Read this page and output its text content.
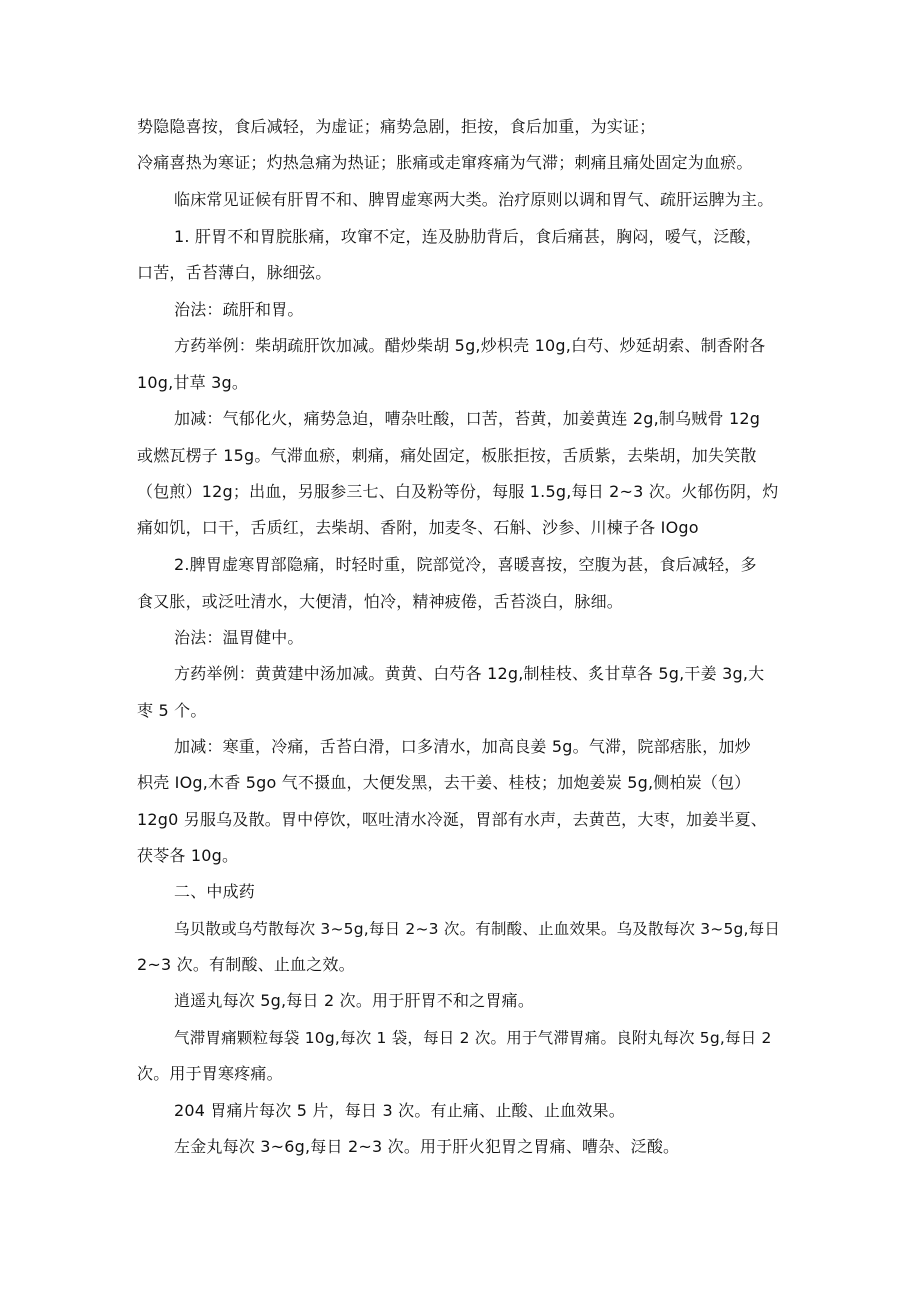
势隐隐喜按，食后减轻，为虚证；痛势急剧，拒按，食后加重，为实证；
冷痛喜热为寒证；灼热急痛为热证；胀痛或走窜疼痛为气滞；刺痛且痛处固定为血瘀。
临床常见证候有肝胃不和、脾胃虚寒两大类。治疗原则以调和胃气、疏肝运脾为主。
1. 肝胃不和胃脘胀痛，攻窜不定，连及胁肋背后，食后痛甚，胸闷，嗳气，泛酸，
口苦，舌苔薄白，脉细弦。
治法：疏肝和胃。
方药举例：柴胡疏肝饮加减。醋炒柴胡 5g,炒枳壳 10g,白芍、炒延胡索、制香附各
10g,甘草 3g。
加减：气郁化火，痛势急迫，嘈杂吐酸，口苦，苔黄，加姜黄连 2g,制乌贼骨 12g
或燃瓦楞子 15g。气滞血瘀，刺痛，痛处固定，板胀拒按，舌质紫，去柴胡，加失笑散
（包煎）12g；出血，另服参三七、白及粉等份，每服 1.5g,每日 2~3 次。火郁伤阴，灼
痛如饥，口干，舌质红，去柴胡、香附，加麦冬、石斛、沙参、川楝子各 IOgo
2.脾胃虚寒胃部隐痛，时轻时重，院部觉冷，喜暖喜按，空腹为甚，食后减轻，多
食又胀，或泛吐清水，大便清，怕冷，精神疲倦，舌苔淡白，脉细。
治法：温胃健中。
方药举例：黄黄建中汤加减。黄黄、白芍各 12g,制桂枝、炙甘草各 5g,干姜 3g,大
枣 5 个。
加减：寒重，冷痛，舌苔白滑，口多清水，加高良姜 5g。气滞，院部痞胀，加炒
枳壳 IOg,木香 5go 气不摄血，大便发黑，去干姜、桂枝；加炮姜炭 5g,侧柏炭（包）
12g0 另服乌及散。胃中停饮，呕吐清水冷涎，胃部有水声，去黄芭，大枣，加姜半夏、
茯苓各 10g。
二、中成药
乌贝散或乌芍散每次 3~5g,每日 2~3 次。有制酸、止血效果。乌及散每次 3~5g,每日
2~3 次。有制酸、止血之效。
逍遥丸每次 5g,每日 2 次。用于肝胃不和之胃痛。
气滞胃痛颗粒每袋 10g,每次 1 袋，每日 2 次。用于气滞胃痛。良附丸每次 5g,每日 2
次。用于胃寒疼痛。
204 胃痛片每次 5 片，每日 3 次。有止痛、止酸、止血效果。
左金丸每次 3~6g,每日 2~3 次。用于肝火犯胃之胃痛、嘈杂、泛酸。
